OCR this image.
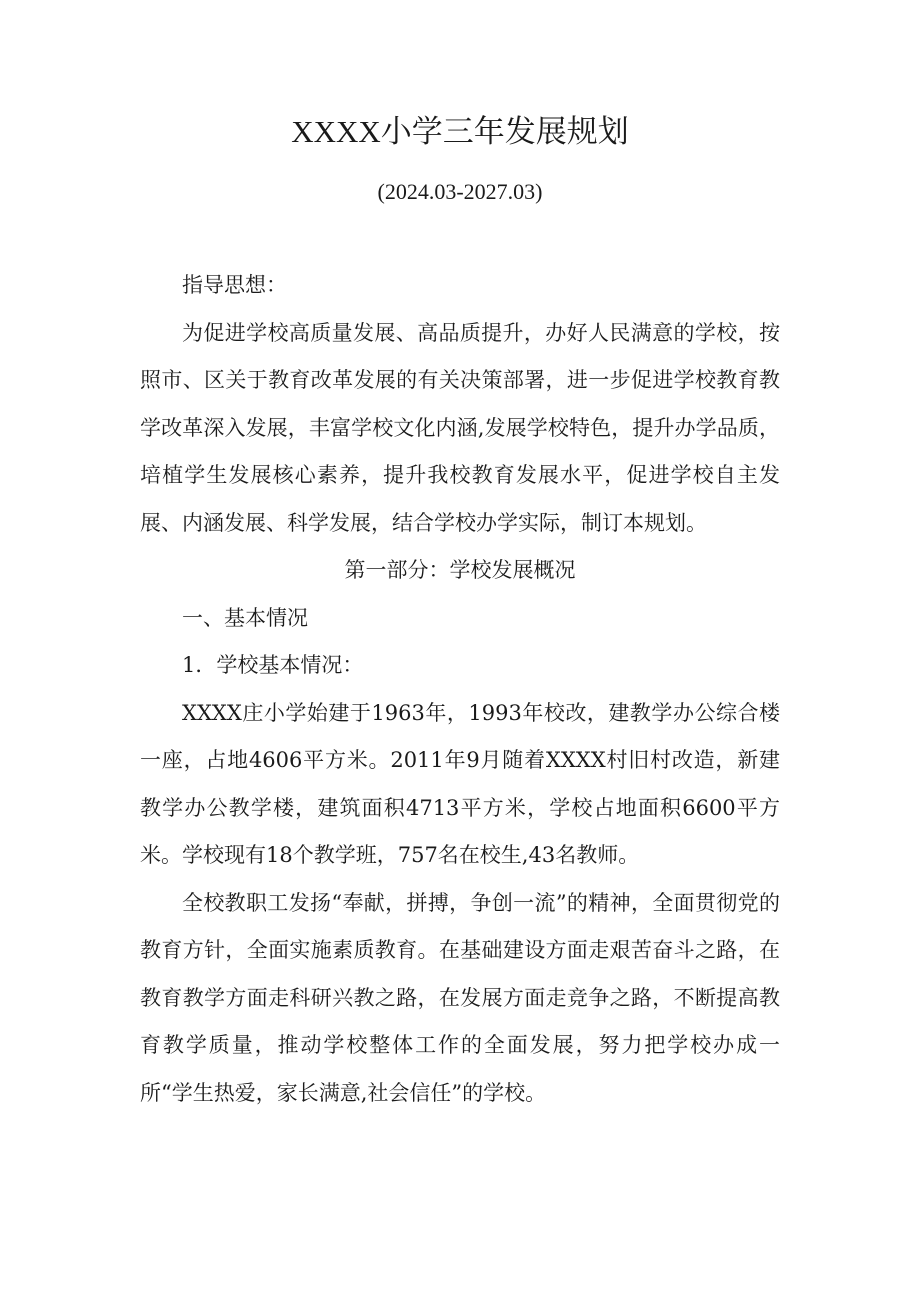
XXXX小学三年发展规划
(2024.03-2027.03)

指导思想：

为促进学校高质量发展、高品质提升，办好人民满意的学校，按照市、区关于教育改革发展的有关决策部署，进一步促进学校教育教学改革深入发展，丰富学校文化内涵,发展学校特色，提升办学品质，培植学生发展核心素养，提升我校教育发展水平，促进学校自主发展、内涵发展、科学发展，结合学校办学实际，制订本规划。

第一部分：学校发展概况

一、基本情况

1．学校基本情况：

XXXX庄小学始建于1963年，1993年校改，建教学办公综合楼一座，占地4606平方米。2011年9月随着XXXX村旧村改造，新建教学办公教学楼，建筑面积4713平方米，学校占地面积6600平方米。学校现有18个教学班，757名在校生,43名教师。

全校教职工发扬“奉献，拼搏，争创一流”的精神，全面贯彻党的教育方针，全面实施素质教育。在基础建设方面走艰苦奋斗之路，在教育教学方面走科研兴教之路，在发展方面走竞争之路，不断提高教育教学质量，推动学校整体工作的全面发展，努力把学校办成一所“学生热爱，家长满意,社会信任”的学校。
